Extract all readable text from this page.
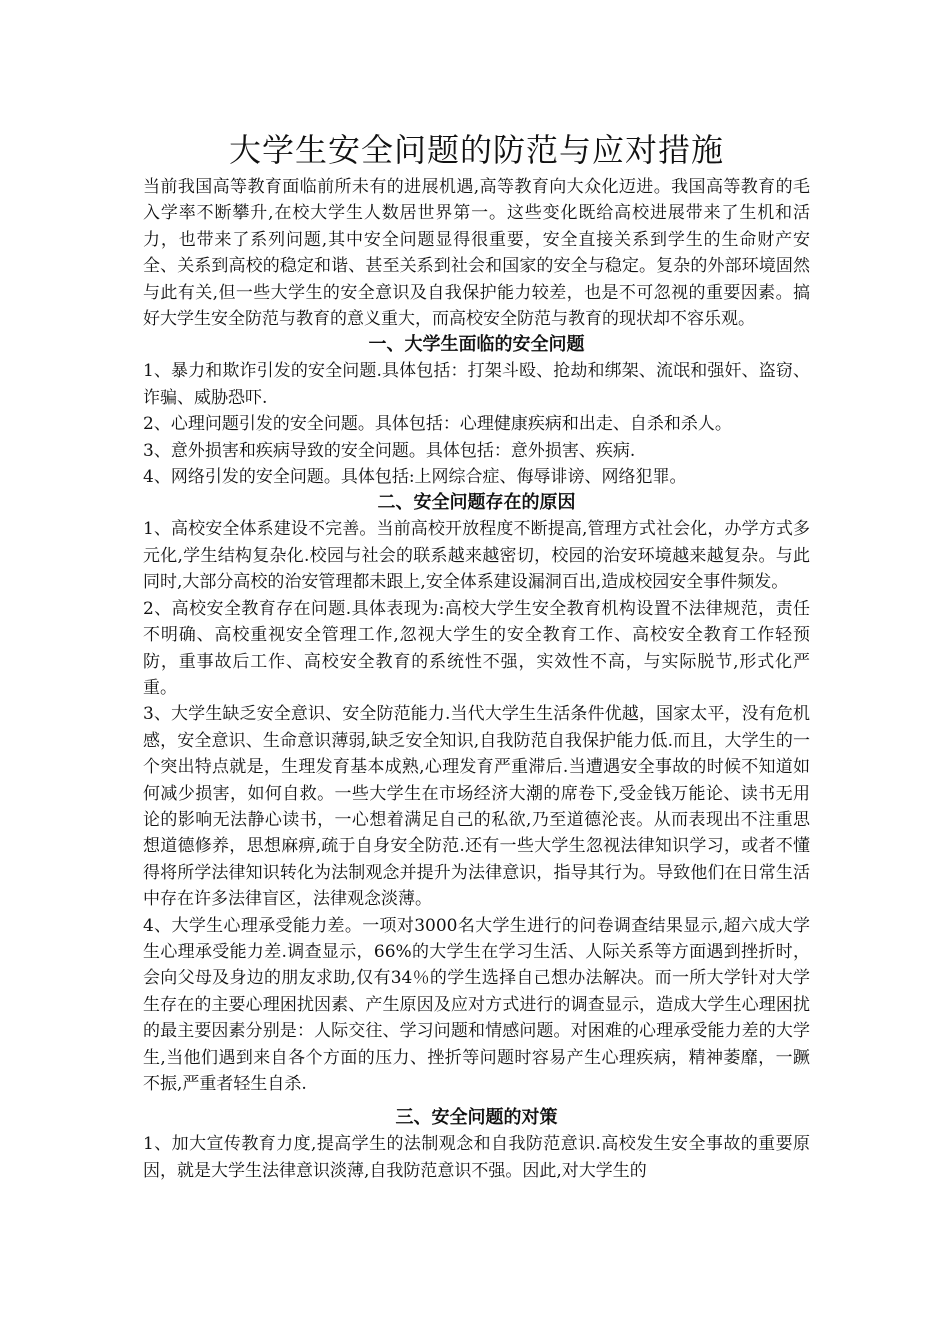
大学生安全问题的防范与应对措施

当前我国高等教育面临前所未有的进展机遇,高等教育向大众化迈进。我国高等教育的毛入学率不断攀升,在校大学生人数居世界第一。这些变化既给高校进展带来了生机和活力，也带来了系列问题,其中安全问题显得很重要，安全直接关系到学生的生命财产安全、关系到高校的稳定和谐、甚至关系到社会和国家的安全与稳定。复杂的外部环境固然与此有关,但一些大学生的安全意识及自我保护能力较差，也是不可忽视的重要因素。搞好大学生安全防范与教育的意义重大，而高校安全防范与教育的现状却不容乐观。

一、大学生面临的安全问题

1、暴力和欺诈引发的安全问题.具体包括：打架斗殴、抢劫和绑架、流氓和强奸、盗窃、诈骗、威胁恐吓.

2、心理问题引发的安全问题。具体包括：心理健康疾病和出走、自杀和杀人。

3、意外损害和疾病导致的安全问题。具体包括：意外损害、疾病.

4、网络引发的安全问题。具体包括:上网综合症、侮辱诽谤、网络犯罪。

二、安全问题存在的原因

1、高校安全体系建设不完善。当前高校开放程度不断提高,管理方式社会化，办学方式多元化,学生结构复杂化.校园与社会的联系越来越密切，校园的治安环境越来越复杂。与此同时,大部分高校的治安管理都未跟上,安全体系建设漏洞百出,造成校园安全事件频发。

2、高校安全教育存在问题.具体表现为:高校大学生安全教育机构设置不法律规范，责任不明确、高校重视安全管理工作,忽视大学生的安全教育工作、高校安全教育工作轻预防，重事故后工作、高校安全教育的系统性不强，实效性不高，与实际脱节,形式化严重。

3、大学生缺乏安全意识、安全防范能力.当代大学生生活条件优越，国家太平，没有危机感，安全意识、生命意识薄弱,缺乏安全知识,自我防范自我保护能力低.而且，大学生的一个突出特点就是，生理发育基本成熟,心理发育严重滞后.当遭遇安全事故的时候不知道如何减少损害，如何自救。一些大学生在市场经济大潮的席卷下,受金钱万能论、读书无用论的影响无法静心读书，一心想着满足自己的私欲,乃至道德沦丧。从而表现出不注重思想道德修养，思想麻痹,疏于自身安全防范.还有一些大学生忽视法律知识学习，或者不懂得将所学法律知识转化为法制观念并提升为法律意识，指导其行为。导致他们在日常生活中存在许多法律盲区，法律观念淡薄。

4、大学生心理承受能力差。一项对3000名大学生进行的问卷调查结果显示,超六成大学生心理承受能力差.调查显示，66%的大学生在学习生活、人际关系等方面遇到挫折时，会向父母及身边的朋友求助,仅有34％的学生选择自己想办法解决。而一所大学针对大学生存在的主要心理困扰因素、产生原因及应对方式进行的调查显示，造成大学生心理困扰的最主要因素分别是：人际交往、学习问题和情感问题。对困难的心理承受能力差的大学生,当他们遇到来自各个方面的压力、挫折等问题时容易产生心理疾病，精神萎靡，一蹶不振,严重者轻生自杀.

三、安全问题的对策

1、加大宣传教育力度,提高学生的法制观念和自我防范意识.高校发生安全事故的重要原因，就是大学生法律意识淡薄,自我防范意识不强。因此,对大学生的
